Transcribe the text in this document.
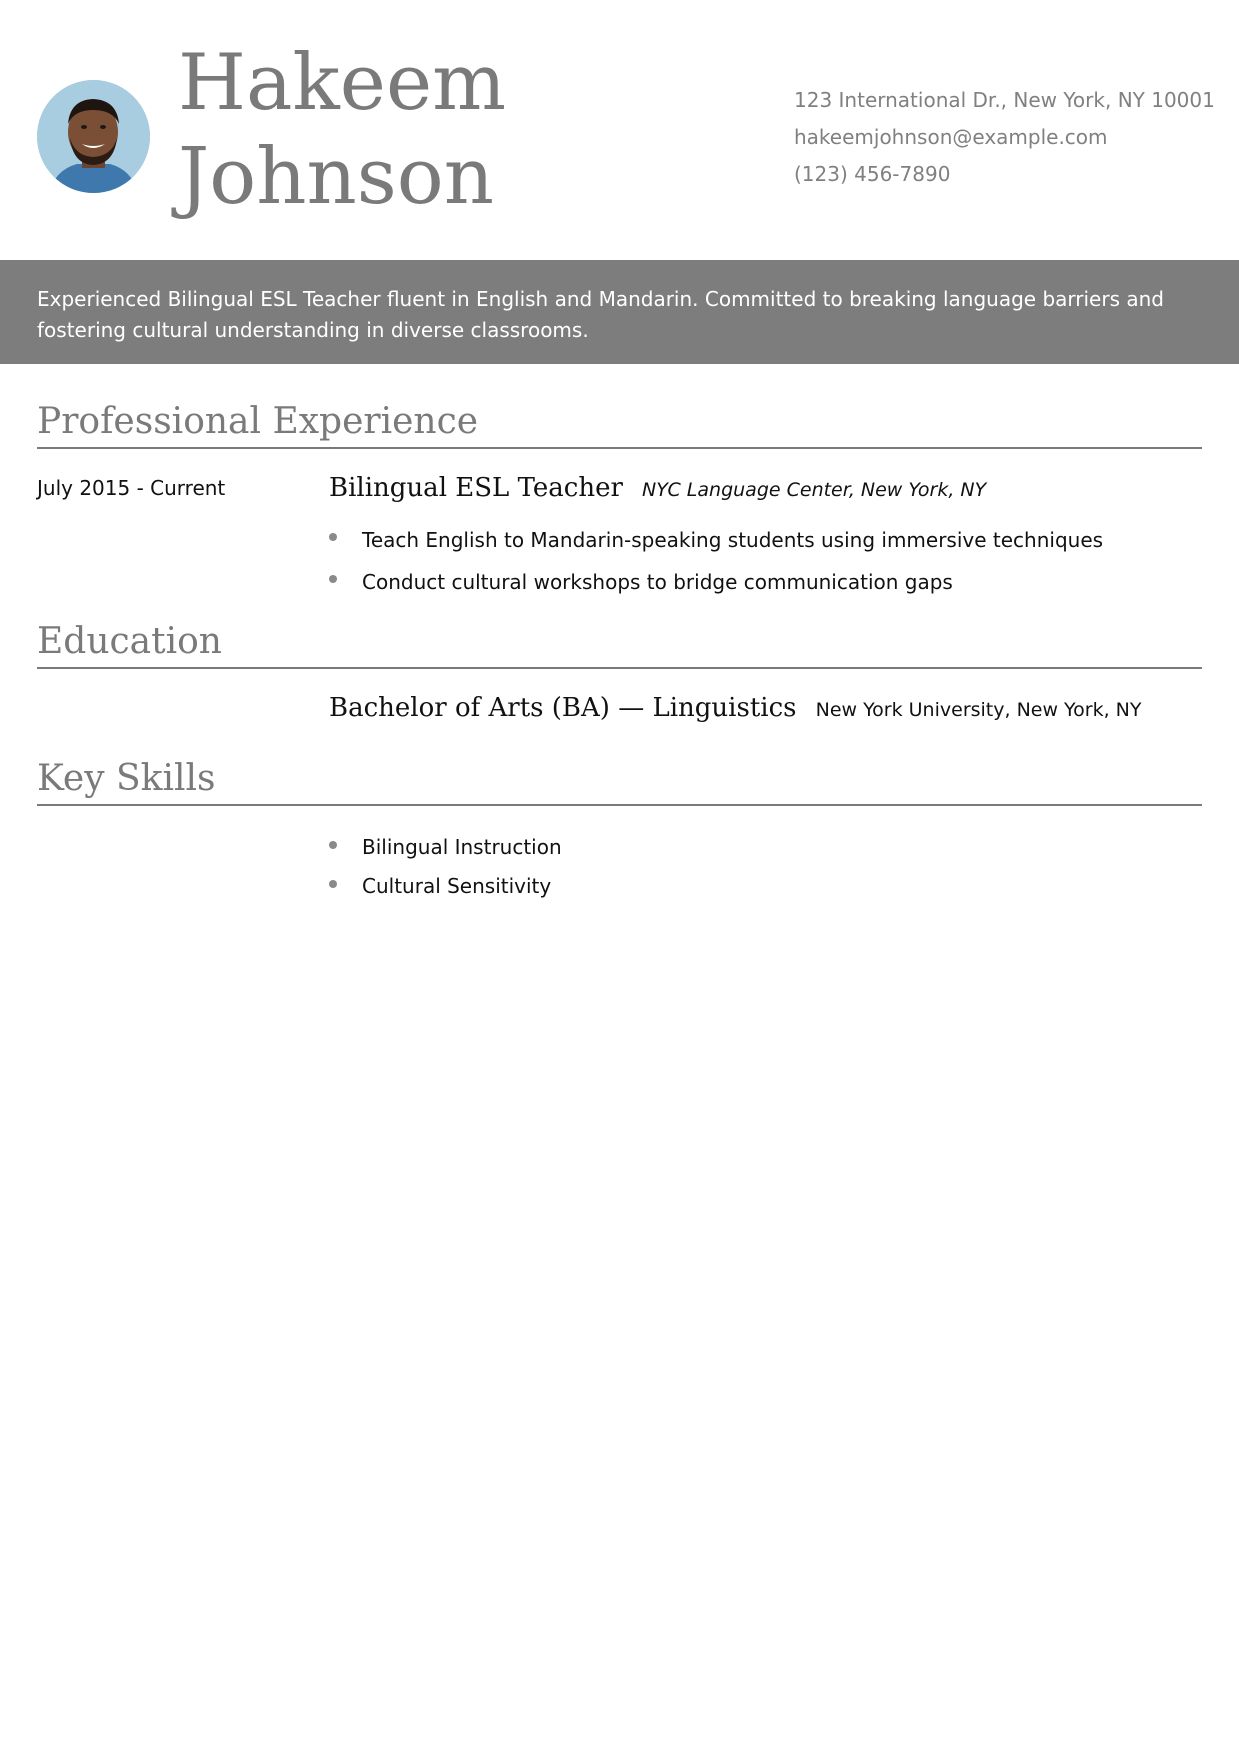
Hakeem
Johnson
123 International Dr., New York, NY 10001
hakeemjohnson@example.com
(123) 456-7890
Experienced Bilingual ESL Teacher fluent in English and Mandarin. Committed to breaking language barriers and fostering cultural understanding in diverse classrooms.
Professional Experience
July 2015 - Current	Bilingual ESL Teacher NYC Language Center, New York, NY
Teach English to Mandarin-speaking students using immersive techniques
Conduct cultural workshops to bridge communication gaps
Education
Bachelor of Arts (BA) — Linguistics New York University, New York, NY
Key Skills
Bilingual Instruction
Cultural Sensitivity
